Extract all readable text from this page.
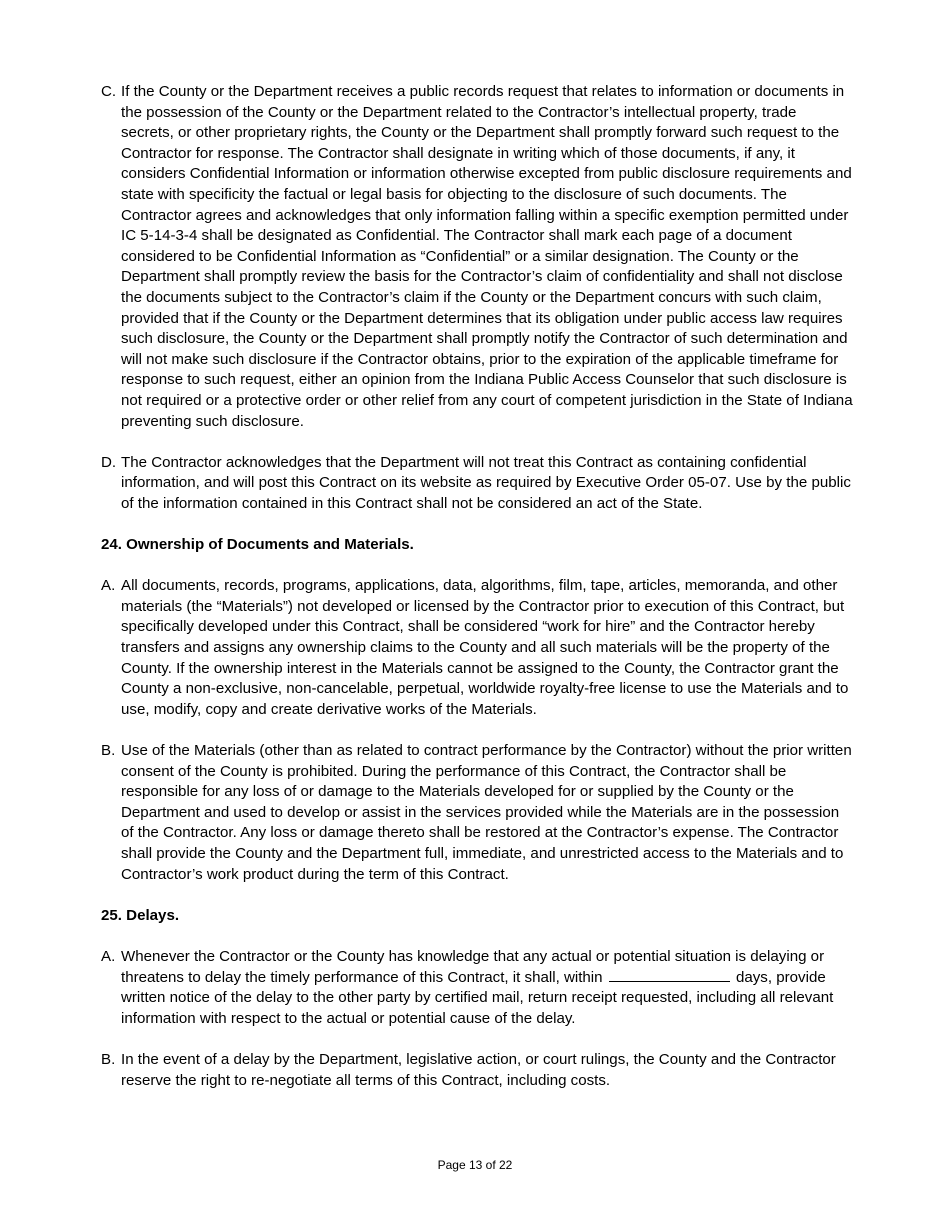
C. If the County or the Department receives a public records request that relates to information or documents in the possession of the County or the Department related to the Contractor’s intellectual property, trade secrets, or other proprietary rights, the County or the Department shall promptly forward such request to the Contractor for response. The Contractor shall designate in writing which of those documents, if any, it considers Confidential Information or information otherwise excepted from public disclosure requirements and state with specificity the factual or legal basis for objecting to the disclosure of such documents. The Contractor agrees and acknowledges that only information falling within a specific exemption permitted under IC 5-14-3-4 shall be designated as Confidential. The Contractor shall mark each page of a document considered to be Confidential Information as “Confidential” or a similar designation. The County or the Department shall promptly review the basis for the Contractor’s claim of confidentiality and shall not disclose the documents subject to the Contractor’s claim if the County or the Department concurs with such claim, provided that if the County or the Department determines that its obligation under public access law requires such disclosure, the County or the Department shall promptly notify the Contractor of such determination and will not make such disclosure if the Contractor obtains, prior to the expiration of the applicable timeframe for response to such request, either an opinion from the Indiana Public Access Counselor that such disclosure is not required or a protective order or other relief from any court of competent jurisdiction in the State of Indiana preventing such disclosure.
D. The Contractor acknowledges that the Department will not treat this Contract as containing confidential information, and will post this Contract on its website as required by Executive Order 05-07. Use by the public of the information contained in this Contract shall not be considered an act of the State.
24. Ownership of Documents and Materials.
A. All documents, records, programs, applications, data, algorithms, film, tape, articles, memoranda, and other materials (the “Materials”) not developed or licensed by the Contractor prior to execution of this Contract, but specifically developed under this Contract, shall be considered “work for hire” and the Contractor hereby transfers and assigns any ownership claims to the County and all such materials will be the property of the County. If the ownership interest in the Materials cannot be assigned to the County, the Contractor grant the County a non-exclusive, non-cancelable, perpetual, worldwide royalty-free license to use the Materials and to use, modify, copy and create derivative works of the Materials.
B. Use of the Materials (other than as related to contract performance by the Contractor) without the prior written consent of the County is prohibited. During the performance of this Contract, the Contractor shall be responsible for any loss of or damage to the Materials developed for or supplied by the County or the Department and used to develop or assist in the services provided while the Materials are in the possession of the Contractor. Any loss or damage thereto shall be restored at the Contractor’s expense. The Contractor shall provide the County and the Department full, immediate, and unrestricted access to the Materials and to Contractor’s work product during the term of this Contract.
25. Delays.
A. Whenever the Contractor or the County has knowledge that any actual or potential situation is delaying or threatens to delay the timely performance of this Contract, it shall, within	days, provide written notice of the delay to the other party by certified mail, return receipt requested, including all relevant information with respect to the actual or potential cause of the delay.
B. In the event of a delay by the Department, legislative action, or court rulings, the County and the Contractor reserve the right to re-negotiate all terms of this Contract, including costs.
Page 13 of 22
